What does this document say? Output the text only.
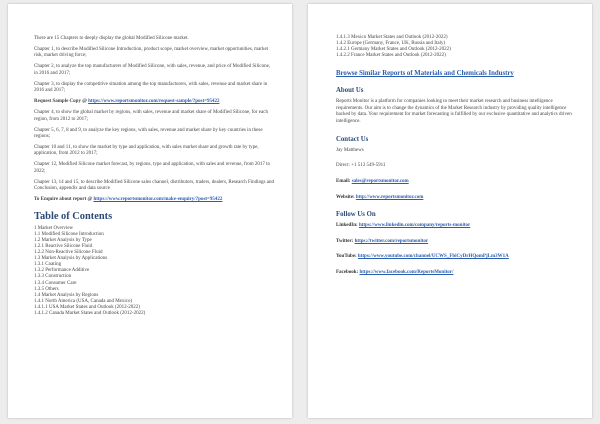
There are 15 Chapters to deeply display the global Modified Silicone market.

Chapter 1, to describe Modified Silicone Introduction, product scope, market overview, market opportunities, market risk, market driving force;

Chapter 2, to analyze the top manufacturers of Modified Silicone, with sales, revenue, and price of Modified Silicone, in 2016 and 2017;

Chapter 3, to display the competitive situation among the top manufacturers, with sales, revenue and market share in 2016 and 2017;

Request Sample Copy @ https://www.reportsmonitor.com/request-sample/?post=95422

Chapter 4, to show the global market by regions, with sales, revenue and market share of Modified Silicone, for each region, from 2012 to 2017;

Chapter 5, 6, 7, 8 and 9, to analyze the key regions, with sales, revenue and market share by key countries in these regions;

Chapter 10 and 11, to show the market by type and application, with sales market share and growth rate by type, application, from 2012 to 2017;

Chapter 12, Modified Silicone market forecast, by regions, type and application, with sales and revenue, from 2017 to 2022;

Chapter 13, 14 and 15, to describe Modified Silicone sales channel, distributors, traders, dealers, Research Findings and Conclusion, appendix and data source

To Enquire about report @ https://www.reportsmonitor.com/make-enquiry/?post=95422

Table of Contents
1 Market Overview
1.1 Modified Silicone Introduction
1.2 Market Analysis by Type
1.2.1 Reactive Silicone Fluid
1.2.2 Non-Reactive Silicone Fluid
1.3 Market Analysis by Applications
1.3.1 Coating
1.3.2 Performance Additive
1.3.3 Construction
1.3.4 Consumer Care
1.3.5 Others
1.4 Market Analysis by Regions
1.4.1 North America (USA, Canada and Mexico)
1.4.1.1 USA Market States and Outlook (2012-2022)
1.4.1.2 Canada Market States and Outlook (2012-2022)
1.4.1.3 Mexico Market States and Outlook (2012-2022)
1.4.2 Europe (Germany, France, UK, Russia and Italy)
1.4.2.1 Germany Market States and Outlook (2012-2022)
1.4.2.2 France Market States and Outlook (2012-2022)
Browse Similar Reports of Materials and Chemicals Industry
About Us

Reports Monitor is a platform for companies looking to meet their market research and business intelligence requirements. Our aim is to change the dynamics of the Market Research industry by providing quality intelligence backed by data. Your requirement for market forecasting is fulfilled by our exclusive quantitative and analytics driven intelligence.

Contact Us

Jay Matthews

Direct: +1 513 549-5911

Email: sales@reportsmonitor.com

Website: http://www.reportsmonitor.com

Follow Us On

LinkedIn: https://www.linkedin.com/company/reports-monitor

Twitter: https://twitter.com/reportsmonitor

YouTube: https://www.youtube.com/channel/UCWS_FbiCyDrHQomPjLm3W1A

Facebook: https://www.facebook.com/ReportsMonitor/
